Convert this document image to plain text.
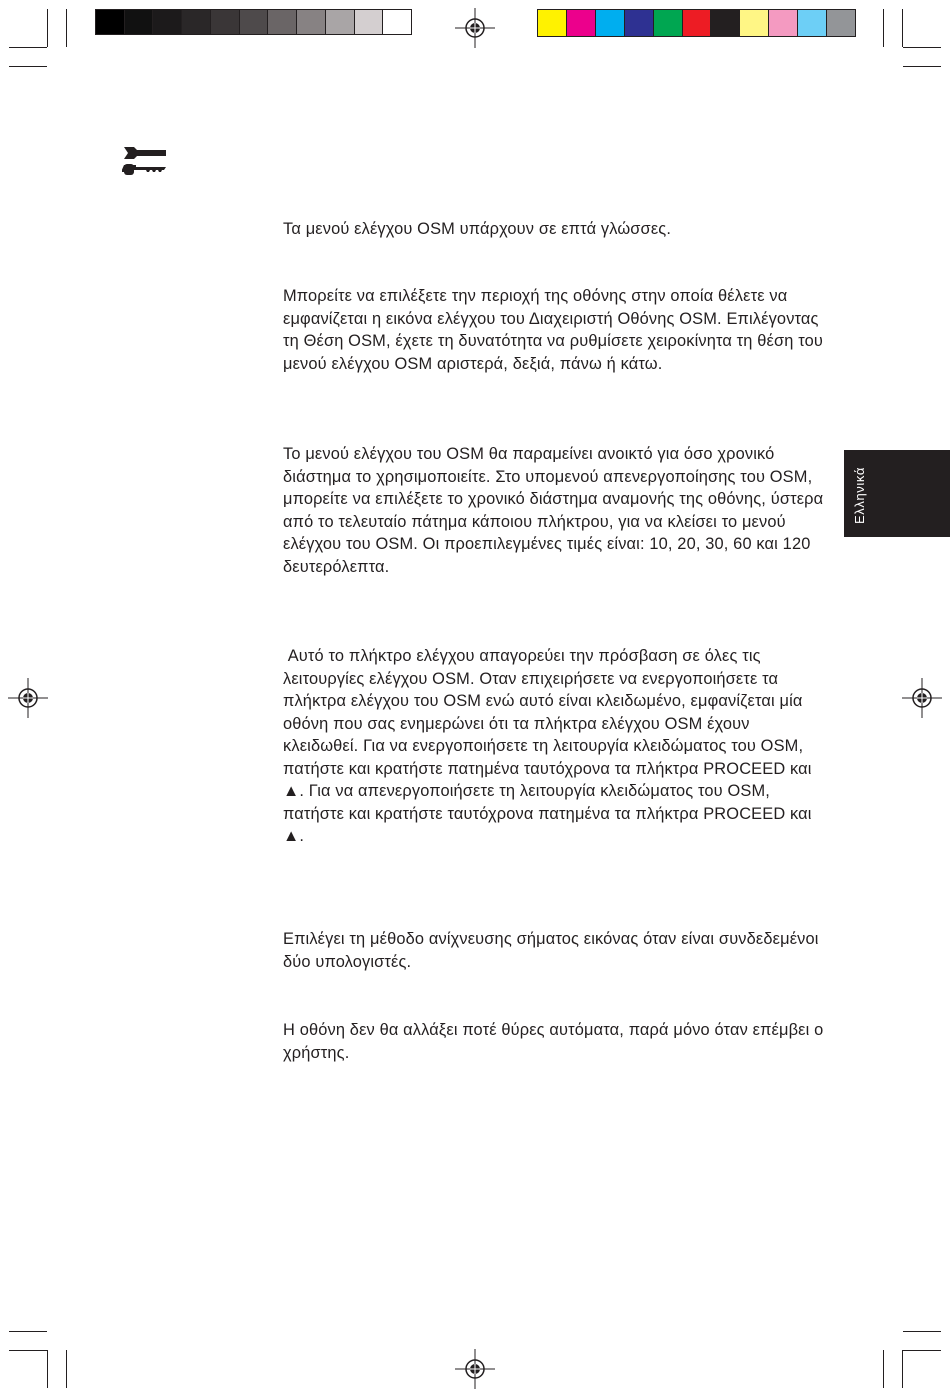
Ελληνικά

Τα μενού ελέγχου OSM υπάρχουν σε επτά γλώσσες.

Μπορείτε να επιλέξετε την περιοχή της οθόνης στην οποία θέλετε να εμφανίζεται η εικόνα ελέγχου του Διαχειριστή Οθόνης OSM. Επιλέγοντας τη Θέση OSM, έχετε τη δυνατότητα να ρυθμίσετε χειροκίνητα τη θέση του μενού ελέγχου OSM αριστερά, δεξιά, πάνω ή κάτω.

Το μενού ελέγχου του OSM θα παραμείνει ανοικτό για όσο χρονικό διάστημα το χρησιμοποιείτε. Στο υπομενού απενεργοποίησης του OSM, μπορείτε να επιλέξετε το χρονικό διάστημα αναμονής της οθόνης, ύστερα από το τελευταίο πάτημα κάποιου πλήκτρου, για να κλείσει το μενού ελέγχου του OSM. Οι προεπιλεγμένες τιμές είναι: 10, 20, 30, 60 και 120 δευτερόλεπτα.

Αυτό το πλήκτρο ελέγχου απαγορεύει την πρόσβαση σε όλες τις λειτουργίες ελέγχου OSM. Οταν επιχειρήσετε να ενεργοποιήσετε τα πλήκτρα ελέγχου του OSM ενώ αυτό είναι κλειδωμένο, εμφανίζεται μία οθόνη που σας ενημερώνει ότι τα πλήκτρα ελέγχου OSM έχουν κλειδωθεί. Για να ενεργοποιήσετε τη λειτουργία κλειδώματος του OSM, πατήστε και κρατήστε πατημένα ταυτόχρονα τα πλήκτρα PROCEED και ▲. Για να απενεργοποιήσετε τη λειτουργία κλειδώματος του OSM, πατήστε και κρατήστε ταυτόχρονα πατημένα τα πλήκτρα PROCEED και ▲.

Επιλέγει τη μέθοδο ανίχνευσης σήματος εικόνας όταν είναι συνδεδεμένοι δύο υπολογιστές.

Η οθόνη δεν θα αλλάξει ποτέ θύρες αυτόματα, παρά μόνο όταν επέμβει ο χρήστης.
